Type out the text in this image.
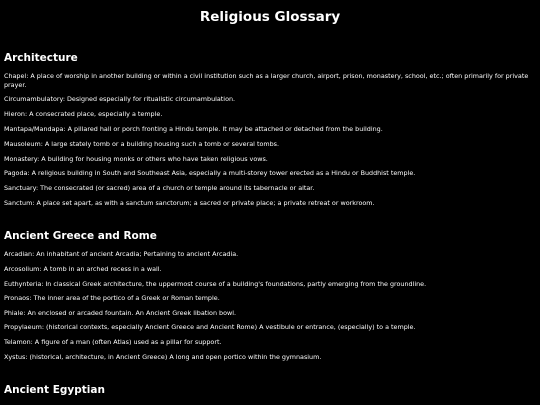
Religious Glossary
Architecture

Chapel: A place of worship in another building or within a civil institution such as a larger church, airport, prison, monastery, school, etc.; often primarily for private prayer.

Circumambulatory: Designed especially for ritualistic circumambulation.

Hieron: A consecrated place, especially a temple.

Mantapa/Mandapa: A pillared hall or porch fronting a Hindu temple. It may be attached or detached from the building.

Mausoleum: A large stately tomb or a building housing such a tomb or several tombs.

Monastery: A building for housing monks or others who have taken religious vows.

Pagoda: A religious building in South and Southeast Asia, especially a multi-storey tower erected as a Hindu or Buddhist temple.

Sanctuary: The consecrated (or sacred) area of a church or temple around its tabernacle or altar.

Sanctum: A place set apart, as with a sanctum sanctorum; a sacred or private place; a private retreat or workroom.

Ancient Greece and Rome

Arcadian: An inhabitant of ancient Arcadia; Pertaining to ancient Arcadia.

Arcosolium: A tomb in an arched recess in a wall.

Euthynteria: In classical Greek architecture, the uppermost course of a building's foundations, partly emerging from the groundline.

Pronaos: The inner area of the portico of a Greek or Roman temple.

Phiale: An enclosed or arcaded fountain. An Ancient Greek libation bowl.

Propylaeum: (historical contexts, especially Ancient Greece and Ancient Rome) A vestibule or entrance, (especially) to a temple.

Telamon: A figure of a man (often Atlas) used as a pillar for support.

Xystus: (historical, architecture, in Ancient Greece) A long and open portico within the gymnasium.

Ancient Egyptian
